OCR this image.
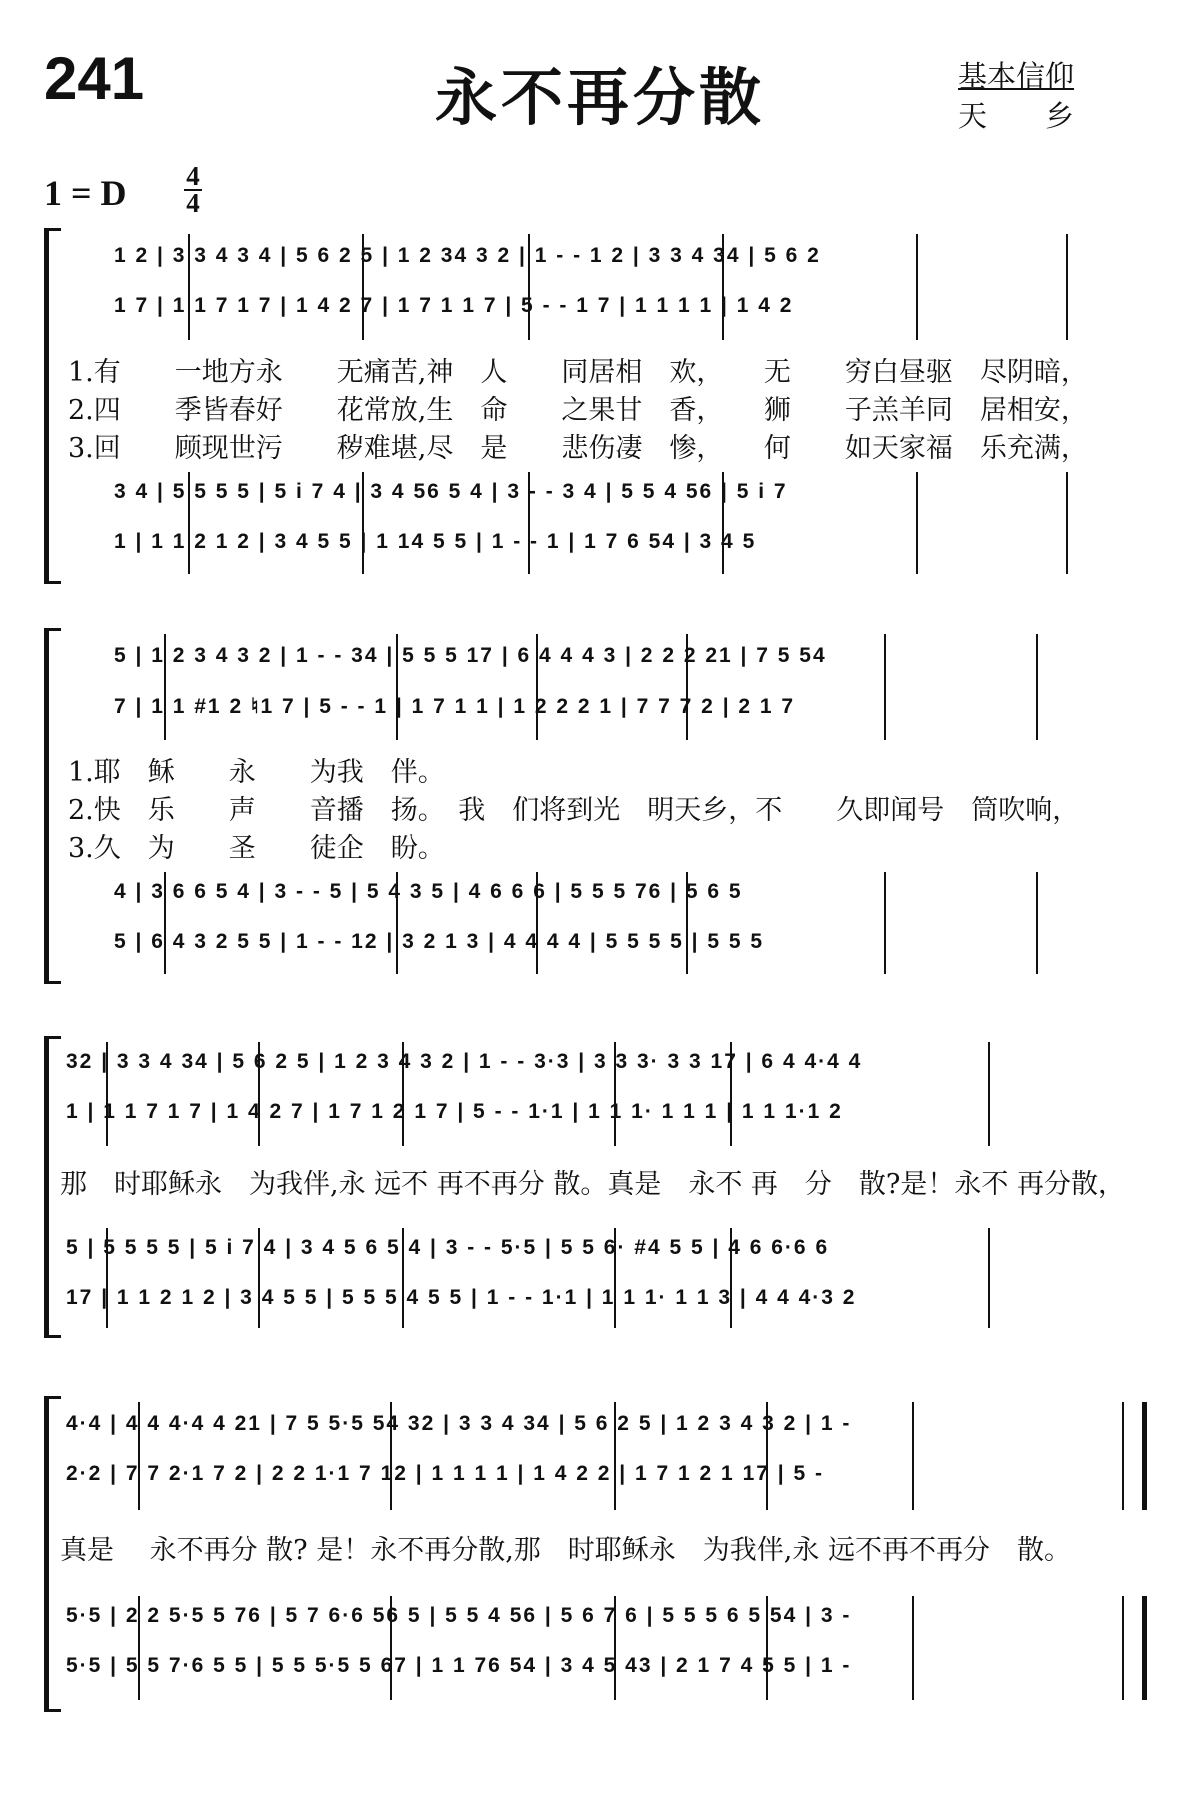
241	永不再分散	基本信仰
天　　乡
1 = D 4
4
1 2 | 3 3 4 3 4 | 5 6 2 5 | 1 2 34 3 2 | 1 - - 1 2 | 3 3 4 34 | 5 6 2
1 7 | 1 1 7 1 7 | 1 4 2 7 | 1 7 1 1 7 | 5 - - 1 7 | 1 1 1 1 | 1 4 2
1.有　　一地方永　　无痛苦,神　人　　同居相　欢，　　无　　穷白昼驱　尽阴暗，
2.四　　季皆春好　　花常放,生　命　　之果甘　香，　　狮　　子羔羊同　居相安，
3.回　　顾现世污　　秽难堪,尽　是　　悲伤凄　惨，　　何　　如天家福　乐充满，
3 4 | 5 5 5 5 | 5 i 7 4 | 3 4 56 5 4 | 3 - - 3 4 | 5 5 4 56 | 5 i 7
1 | 1 1 2 1 2 | 3 4 5 5 | 1 14 5 5 | 1 - - 1 | 1 7 6 54 | 3 4 5
5 | 1 2 3 4 3 2 | 1 - - 34 | 5 5 5 17 | 6 4 4 4 3 | 2 2 2 21 | 7 5 54
7 | 1 1 #1 2 ♮1 7 | 5 - - 1 | 1 7 1 1 | 1 2 2 2 1 | 7 7 7 2 | 2 1 7
1.耶　稣　　永　　为我　伴。
2.快　乐　　声　　音播　扬。　我　们将到光　明天乡，不　　久即闻号　筒吹响，
3.久　为　　圣　　徒企　盼。
4 | 3 6 6 5 4 | 3 - - 5 | 5 4 3 5 | 4 6 6 6 | 5 5 5 76 | 5 6 5
5 | 6 4 3 2 5 5 | 1 - - 12 | 3 2 1 3 | 4 4 4 4 | 5 5 5 5 | 5 5 5
32 | 3 3 4 34 | 5 6 2 5 | 1 2 3 4 3 2 | 1 - - 3·3 | 3 3 3· 3 3 17 | 6 4 4·4 4
1 | 1 1 7 1 7 | 1 4 2 7 | 1 7 1 2 1 7 | 5 - - 1·1 | 1 1 1· 1 1 1 | 1 1 1·1 2
那　时耶稣永　为我伴,永 远不 再不再分 散。真是　永不 再　分　散?是！永不 再分散，
5 | 5 5 5 5 | 5 i 7 4 | 3 4 5 6 5 4 | 3 - - 5·5 | 5 5 6· #4 5 5 | 4 6 6·6 6
17 | 1 1 2 1 2 | 3 4 5 5 | 5 5 5 4 5 5 | 1 - - 1·1 | 1 1 1· 1 1 3 | 4 4 4·3 2
4·4 | 4 4 4·4 4 21 | 7 5 5·5 54 32 | 3 3 4 34 | 5 6 2 5 | 1 2 3 4 3 2 | 1 -
2·2 | 7 7 2·1 7 2 | 2 2 1·1 7 12 | 1 1 1 1 | 1 4 2 2 | 1 7 1 2 1 17 | 5 -
真是　 永不再分 散? 是！永不再分散,那　时耶稣永　为我伴,永 远不再不再分　散。
5·5 | 2 2 5·5 5 76 | 5 7 6·6 56 5 | 5 5 4 56 | 5 6 7 6 | 5 5 5 6 5 54 | 3 -
5·5 | 5 5 7·6 5 5 | 5 5 5·5 5 67 | 1 1 76 54 | 3 4 5 43 | 2 1 7 4 5 5 | 1 -
